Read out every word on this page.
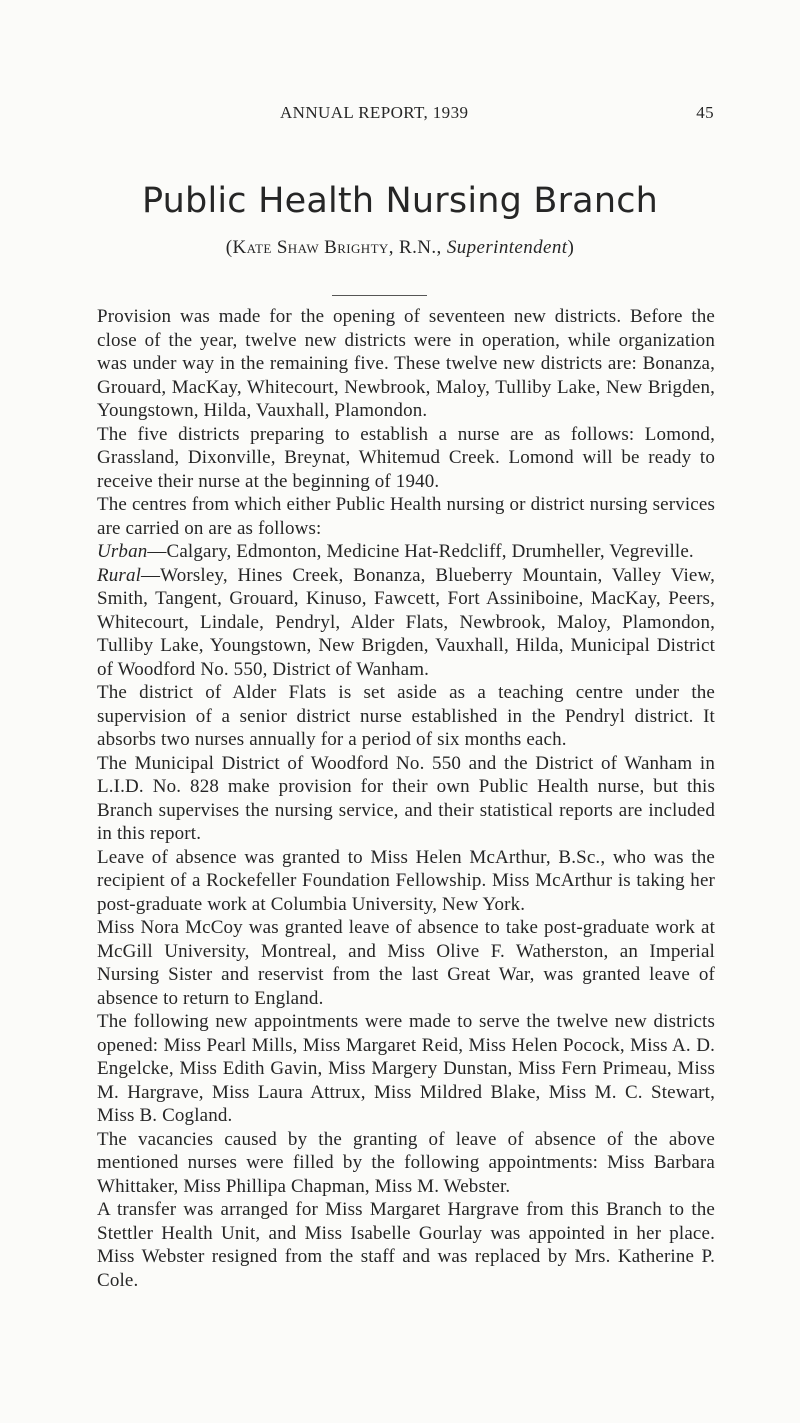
ANNUAL REPORT, 1939	45
Public Health Nursing Branch
(Kate Shaw Brighty, R.N., Superintendent)

Provision was made for the opening of seventeen new districts. Before the close of the year, twelve new districts were in operation, while organization was under way in the remaining five. These twelve new districts are: Bonanza, Grouard, MacKay, Whitecourt, Newbrook, Maloy, Tulliby Lake, New Brigden, Youngstown, Hilda, Vauxhall, Plamondon.

The five districts preparing to establish a nurse are as follows: Lomond, Grassland, Dixonville, Breynat, Whitemud Creek. Lomond will be ready to receive their nurse at the beginning of 1940.

The centres from which either Public Health nursing or district nursing services are carried on are as follows:

Urban—Calgary, Edmonton, Medicine Hat-Redcliff, Drumheller, Vegreville.

Rural—Worsley, Hines Creek, Bonanza, Blueberry Mountain, Valley View, Smith, Tangent, Grouard, Kinuso, Fawcett, Fort Assiniboine, MacKay, Peers, Whitecourt, Lindale, Pendryl, Alder Flats, Newbrook, Maloy, Plamondon, Tulliby Lake, Youngstown, New Brigden, Vauxhall, Hilda, Municipal District of Woodford No. 550, District of Wanham.

The district of Alder Flats is set aside as a teaching centre under the supervision of a senior district nurse established in the Pendryl district. It absorbs two nurses annually for a period of six months each.

The Municipal District of Woodford No. 550 and the District of Wanham in L.I.D. No. 828 make provision for their own Public Health nurse, but this Branch supervises the nursing service, and their statistical reports are included in this report.

Leave of absence was granted to Miss Helen McArthur, B.Sc., who was the recipient of a Rockefeller Foundation Fellowship. Miss McArthur is taking her post-graduate work at Columbia University, New York.

Miss Nora McCoy was granted leave of absence to take post-graduate work at McGill University, Montreal, and Miss Olive F. Watherston, an Imperial Nursing Sister and reservist from the last Great War, was granted leave of absence to return to England.

The following new appointments were made to serve the twelve new districts opened: Miss Pearl Mills, Miss Margaret Reid, Miss Helen Pocock, Miss A. D. Engelcke, Miss Edith Gavin, Miss Margery Dunstan, Miss Fern Primeau, Miss M. Hargrave, Miss Laura Attrux, Miss Mildred Blake, Miss M. C. Stewart, Miss B. Cogland.

The vacancies caused by the granting of leave of absence of the above mentioned nurses were filled by the following appointments: Miss Barbara Whittaker, Miss Phillipa Chapman, Miss M. Webster.

A transfer was arranged for Miss Margaret Hargrave from this Branch to the Stettler Health Unit, and Miss Isabelle Gourlay was appointed in her place. Miss Webster resigned from the staff and was replaced by Mrs. Katherine P. Cole.
